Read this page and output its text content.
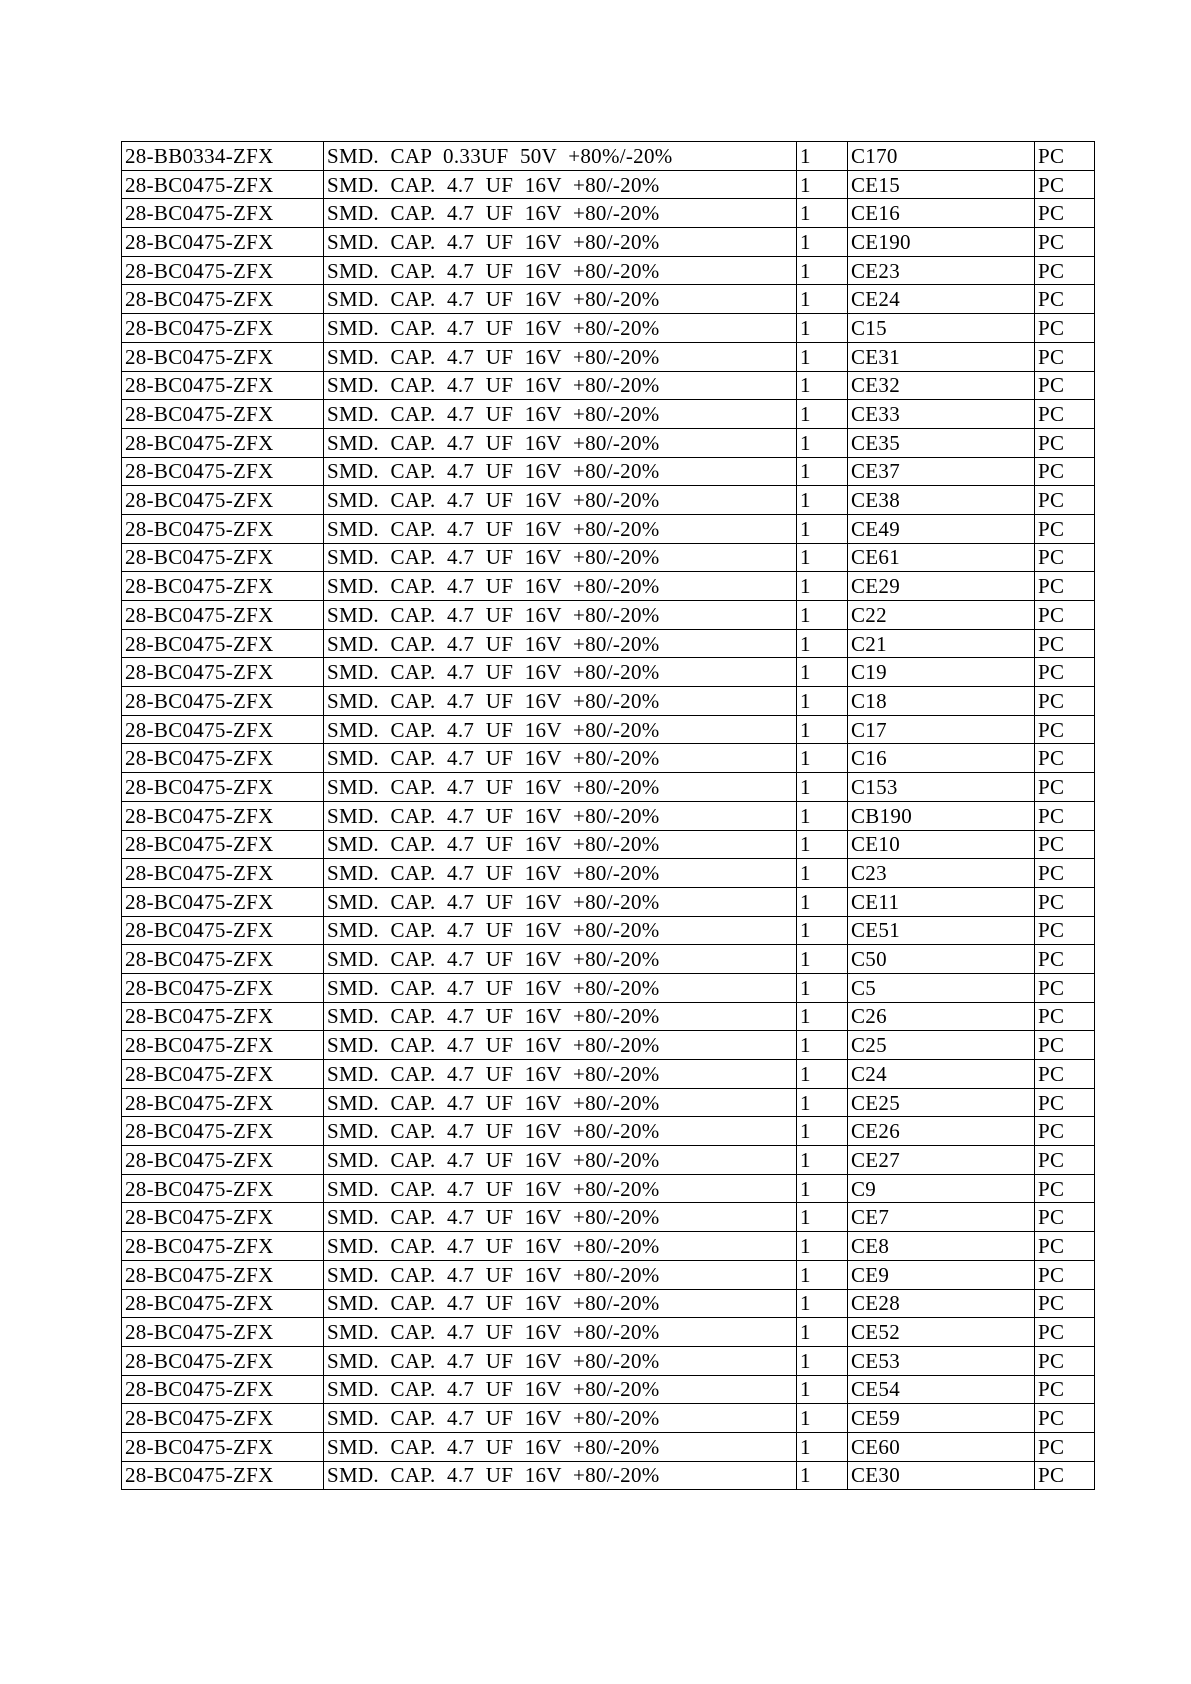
28-BB0334-ZFX	SMD. CAP 0.33UF 50V +80%/-20%	1	C170	PC
28-BC0475-ZFX	SMD. CAP. 4.7 UF 16V +80/-20%	1	CE15	PC
28-BC0475-ZFX	SMD. CAP. 4.7 UF 16V +80/-20%	1	CE16	PC
28-BC0475-ZFX	SMD. CAP. 4.7 UF 16V +80/-20%	1	CE190	PC
28-BC0475-ZFX	SMD. CAP. 4.7 UF 16V +80/-20%	1	CE23	PC
28-BC0475-ZFX	SMD. CAP. 4.7 UF 16V +80/-20%	1	CE24	PC
28-BC0475-ZFX	SMD. CAP. 4.7 UF 16V +80/-20%	1	C15	PC
28-BC0475-ZFX	SMD. CAP. 4.7 UF 16V +80/-20%	1	CE31	PC
28-BC0475-ZFX	SMD. CAP. 4.7 UF 16V +80/-20%	1	CE32	PC
28-BC0475-ZFX	SMD. CAP. 4.7 UF 16V +80/-20%	1	CE33	PC
28-BC0475-ZFX	SMD. CAP. 4.7 UF 16V +80/-20%	1	CE35	PC
28-BC0475-ZFX	SMD. CAP. 4.7 UF 16V +80/-20%	1	CE37	PC
28-BC0475-ZFX	SMD. CAP. 4.7 UF 16V +80/-20%	1	CE38	PC
28-BC0475-ZFX	SMD. CAP. 4.7 UF 16V +80/-20%	1	CE49	PC
28-BC0475-ZFX	SMD. CAP. 4.7 UF 16V +80/-20%	1	CE61	PC
28-BC0475-ZFX	SMD. CAP. 4.7 UF 16V +80/-20%	1	CE29	PC
28-BC0475-ZFX	SMD. CAP. 4.7 UF 16V +80/-20%	1	C22	PC
28-BC0475-ZFX	SMD. CAP. 4.7 UF 16V +80/-20%	1	C21	PC
28-BC0475-ZFX	SMD. CAP. 4.7 UF 16V +80/-20%	1	C19	PC
28-BC0475-ZFX	SMD. CAP. 4.7 UF 16V +80/-20%	1	C18	PC
28-BC0475-ZFX	SMD. CAP. 4.7 UF 16V +80/-20%	1	C17	PC
28-BC0475-ZFX	SMD. CAP. 4.7 UF 16V +80/-20%	1	C16	PC
28-BC0475-ZFX	SMD. CAP. 4.7 UF 16V +80/-20%	1	C153	PC
28-BC0475-ZFX	SMD. CAP. 4.7 UF 16V +80/-20%	1	CB190	PC
28-BC0475-ZFX	SMD. CAP. 4.7 UF 16V +80/-20%	1	CE10	PC
28-BC0475-ZFX	SMD. CAP. 4.7 UF 16V +80/-20%	1	C23	PC
28-BC0475-ZFX	SMD. CAP. 4.7 UF 16V +80/-20%	1	CE11	PC
28-BC0475-ZFX	SMD. CAP. 4.7 UF 16V +80/-20%	1	CE51	PC
28-BC0475-ZFX	SMD. CAP. 4.7 UF 16V +80/-20%	1	C50	PC
28-BC0475-ZFX	SMD. CAP. 4.7 UF 16V +80/-20%	1	C5	PC
28-BC0475-ZFX	SMD. CAP. 4.7 UF 16V +80/-20%	1	C26	PC
28-BC0475-ZFX	SMD. CAP. 4.7 UF 16V +80/-20%	1	C25	PC
28-BC0475-ZFX	SMD. CAP. 4.7 UF 16V +80/-20%	1	C24	PC
28-BC0475-ZFX	SMD. CAP. 4.7 UF 16V +80/-20%	1	CE25	PC
28-BC0475-ZFX	SMD. CAP. 4.7 UF 16V +80/-20%	1	CE26	PC
28-BC0475-ZFX	SMD. CAP. 4.7 UF 16V +80/-20%	1	CE27	PC
28-BC0475-ZFX	SMD. CAP. 4.7 UF 16V +80/-20%	1	C9	PC
28-BC0475-ZFX	SMD. CAP. 4.7 UF 16V +80/-20%	1	CE7	PC
28-BC0475-ZFX	SMD. CAP. 4.7 UF 16V +80/-20%	1	CE8	PC
28-BC0475-ZFX	SMD. CAP. 4.7 UF 16V +80/-20%	1	CE9	PC
28-BC0475-ZFX	SMD. CAP. 4.7 UF 16V +80/-20%	1	CE28	PC
28-BC0475-ZFX	SMD. CAP. 4.7 UF 16V +80/-20%	1	CE52	PC
28-BC0475-ZFX	SMD. CAP. 4.7 UF 16V +80/-20%	1	CE53	PC
28-BC0475-ZFX	SMD. CAP. 4.7 UF 16V +80/-20%	1	CE54	PC
28-BC0475-ZFX	SMD. CAP. 4.7 UF 16V +80/-20%	1	CE59	PC
28-BC0475-ZFX	SMD. CAP. 4.7 UF 16V +80/-20%	1	CE60	PC
28-BC0475-ZFX	SMD. CAP. 4.7 UF 16V +80/-20%	1	CE30	PC
